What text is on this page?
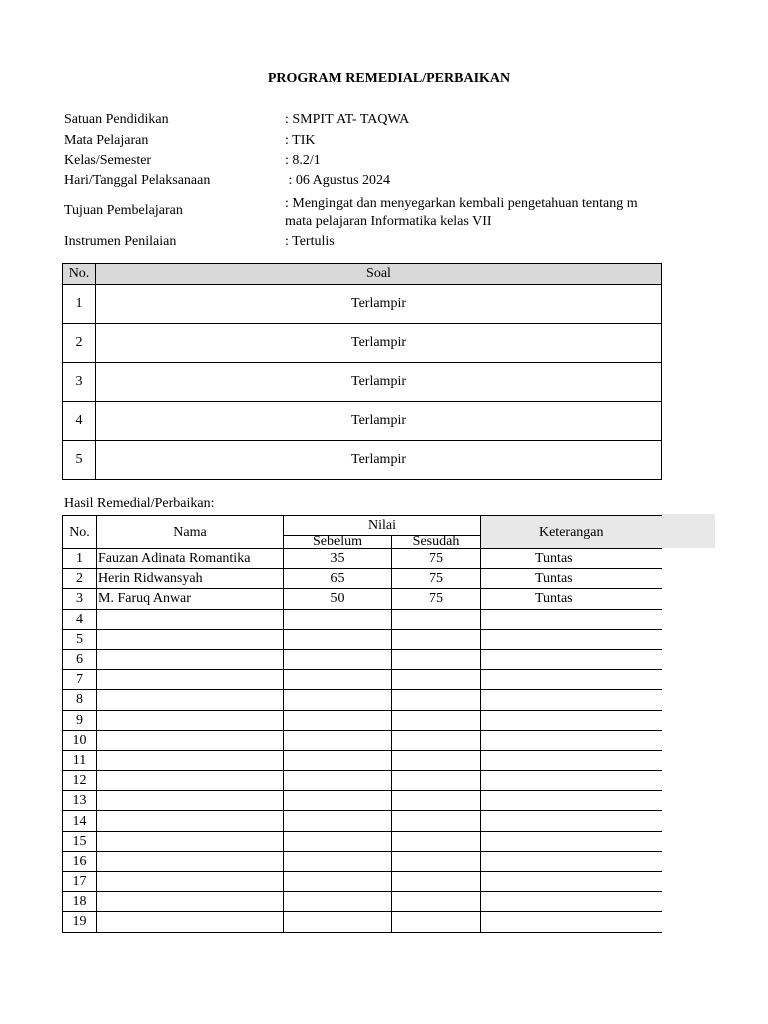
PROGRAM REMEDIAL/PERBAIKAN
Satuan Pendidikan	: SMPIT AT- TAQWA
Mata Pelajaran	: TIK
Kelas/Semester	: 8.2/1
Hari/Tanggal Pelaksanaan	: 06 Agustus 2024
Tujuan Pembelajaran	: Mengingat dan menyegarkan kembali pengetahuan tentang m
mata pelajaran Informatika kelas VII
Instrumen Penilaian	: Tertulis
No.	Soal
1	Terlampir
2	Terlampir
3	Terlampir
4	Terlampir
5	Terlampir
Hasil Remedial/Perbaikan:
No.	Nama	Nilai		Keterangan
		Sebelum	Sesudah	
1	Fauzan Adinata Romantika	35	75	Tuntas
2	Herin Ridwansyah	65	75	Tuntas
3	M. Faruq Anwar	50	75	Tuntas
4				
5				
6				
7				
8				
9				
10				
11				
12				
13				
14				
15				
16				
17				
18				
19				
